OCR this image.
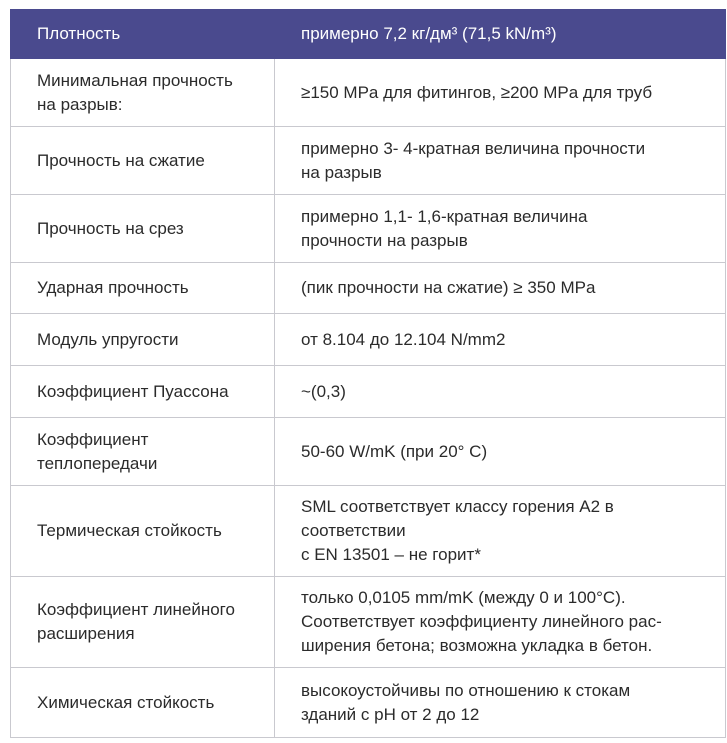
Плотность	примерно 7,2 кг/дм³ (71,5 kN/m³)
Минимальная прочность
на разрыв:	≥150 MPa для фитингов, ≥200 MPa для труб
Прочность на сжатие	примерно 3- 4-кратная величина прочности
на разрыв
Прочность на срез	примерно 1,1- 1,6-кратная величина
прочности на разрыв
Ударная прочность	(пик прочности на сжатие) ≥ 350 MPa
Модуль упругости	от 8.104 до 12.104 N/mm2
Коэффициент Пуассона	~(0,3)
Коэффициент
теплопередачи	50-60 W/mK (при 20° C)
Термическая стойкость	SML соответствует классу горения A2 в
соответствии
с EN 13501 – не горит*
Коэффициент линейного
расширения	только 0,0105 mm/mK (между 0 и 100°C).
Соответствует коэффициенту линейного рас-
ширения бетона; возможна укладка в бетон.
Химическая стойкость	высокоустойчивы по отношению к стокам
зданий с pH от 2 до 12
